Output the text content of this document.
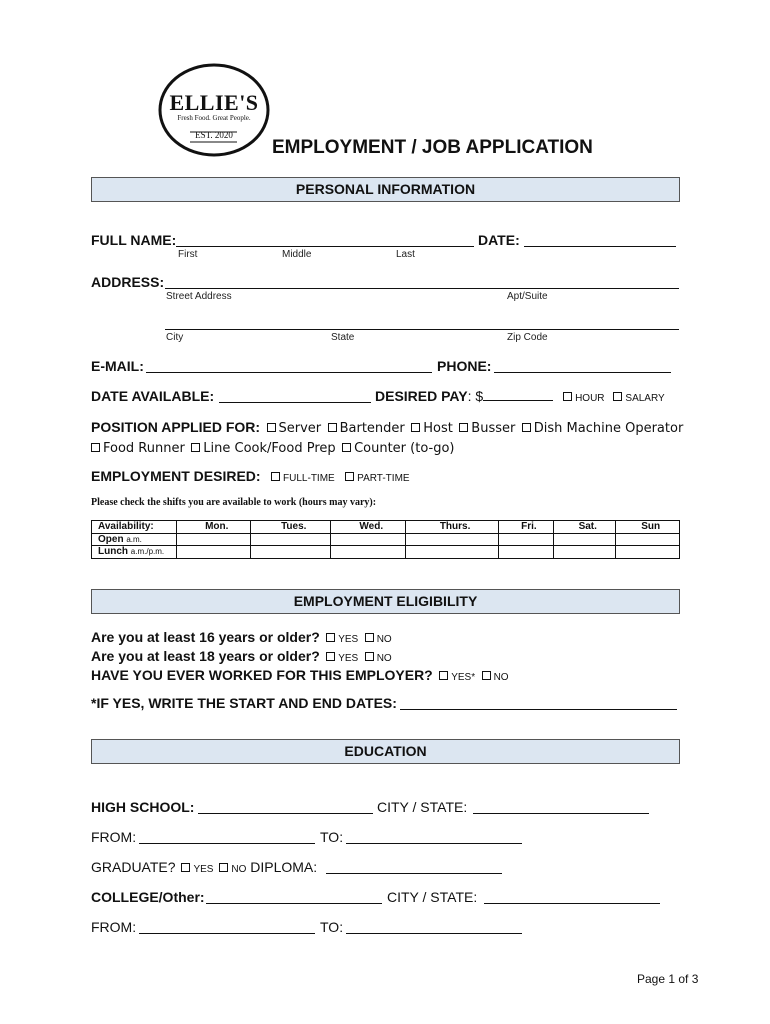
ELLIE'S
Fresh Food. Great People.
EST. 2020
EMPLOYMENT / JOB APPLICATION
PERSONAL INFORMATION
FULL NAME:
First	Middle	Last
DATE:
ADDRESS:
Street Address	Apt/Suite
City	State	Zip Code
E-MAIL:	PHONE:
DATE AVAILABLE:	DESIRED PAY: $	HOUR SALARY
POSITION APPLIED FOR: Server Bartender Host Busser Dish Machine Operator
Food Runner Line Cook/Food Prep Counter (to-go)
EMPLOYMENT DESIRED: FULL-TIME PART-TIME
Please check the shifts you are available to work (hours may vary):
Availability:	Mon.	Tues.	Wed.	Thurs.	Fri.	Sat.	Sun
Open a.m.							
Lunch a.m./p.m.							
EMPLOYMENT ELIGIBILITY
Are you at least 16 years or older? YES NO
Are you at least 18 years or older? YES NO
HAVE YOU EVER WORKED FOR THIS EMPLOYER? YES* NO
*IF YES, WRITE THE START AND END DATES:
EDUCATION
HIGH SCHOOL:	CITY / STATE:
FROM:	TO:
GRADUATE? YES NO DIPLOMA:
COLLEGE/Other:	CITY / STATE:
FROM:	TO:
Page 1 of 3
